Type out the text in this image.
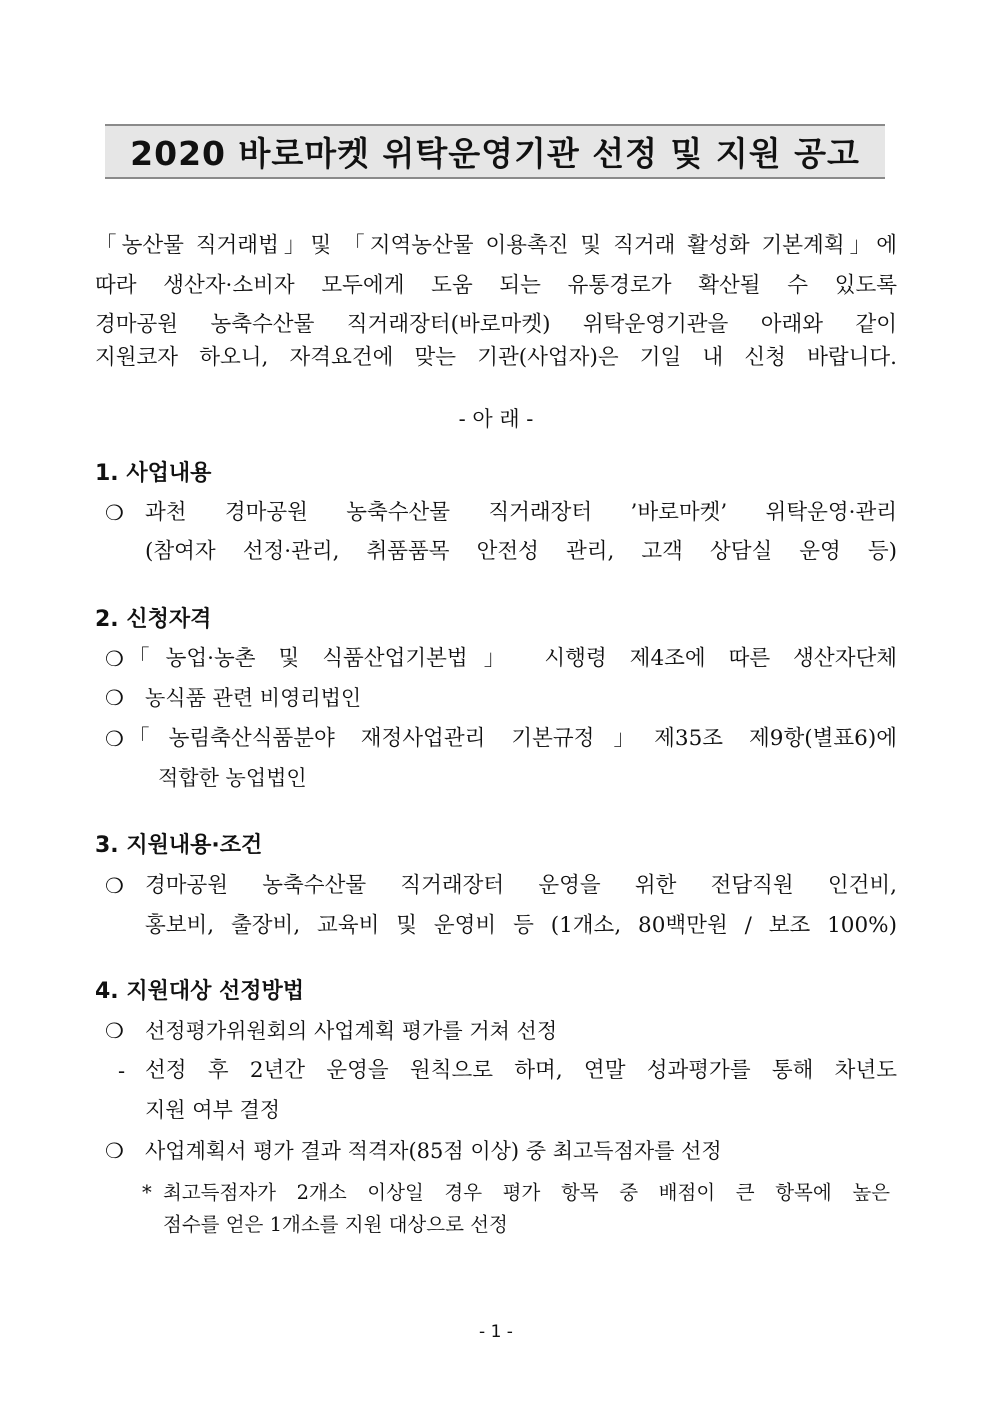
2020 바로마켓 위탁운영기관 선정 및 지원 공고
「농산물 직거래법」및 「지역농산물 이용촉진 및 직거래 활성화 기본계획」에
따라 생산자·소비자 모두에게 도움 되는 유통경로가 확산될 수 있도록
경마공원 농축수산물 직거래장터(바로마켓) 위탁운영기관을 아래와 같이
지원코자 하오니, 자격요건에 맞는 기관(사업자)은 기일 내 신청 바랍니다.
- 아 래 -
1. 사업내용
❍ 과천 경마공원 농축수산물 직거래장터 ’바로마켓’ 위탁운영·관리
(참여자 선정·관리, 취품품목 안전성 관리, 고객 상담실 운영 등)
2. 신청자격
❍ 「농업·농촌 및 식품산업기본법」 시행령 제4조에 따른 생산자단체
❍ 농식품 관련 비영리법인
❍ 「농림축산식품분야 재정사업관리 기본규정」제35조 제9항(별표6)에
적합한 농업법인
3. 지원내용·조건
❍ 경마공원 농축수산물 직거래장터 운영을 위한 전담직원 인건비,
홍보비, 출장비, 교육비 및 운영비 등 (1개소, 80백만원 / 보조 100%)
4. 지원대상 선정방법
❍ 선정평가위원회의 사업계획 평가를 거쳐 선정
- 선정 후 2년간 운영을 원칙으로 하며, 연말 성과평가를 통해 차년도
지원 여부 결정
❍ 사업계획서 평가 결과 적격자(85점 이상) 중 최고득점자를 선정
* 최고득점자가 2개소 이상일 경우 평가 항목 중 배점이 큰 항목에 높은
점수를 얻은 1개소를 지원 대상으로 선정
- 1 -
